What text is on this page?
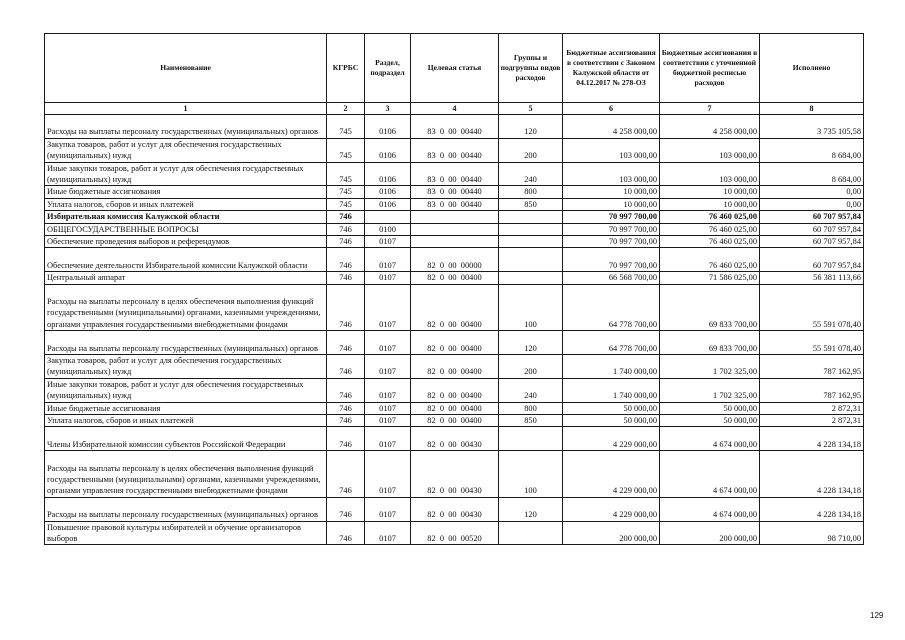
Наименование	КГРБС	Раздел, подраздел	Целевая статья	Группы и подгруппы видов расходов	Бюджетные ассигнования в соответствии с Законом Калужской области от 04.12.2017 № 278-ОЗ	Бюджетные ассигнования в соответствии с уточненной бюджетной росписью расходов	Исполнено
1	2	3	4	5	6	7	8
Расходы на выплаты персоналу государственных (муниципальных) органов	745	0106	83  0  00  00440	120	4 258 000,00	4 258 000,00	3 735 105,58
Закупка товаров, работ и услуг для обеспечения государственных (муниципальных) нужд	745	0106	83  0  00  00440	200	103 000,00	103 000,00	8 684,00
Иные закупки товаров, работ и услуг для обеспечения государственных (муниципальных) нужд	745	0106	83  0  00  00440	240	103 000,00	103 000,00	8 684,00
Иные бюджетные ассигнования	745	0106	83  0  00  00440	800	10 000,00	10 000,00	0,00
Уплата налогов, сборов и иных платежей	745	0106	83  0  00  00440	850	10 000,00	10 000,00	0,00
Избирательная комиссия Калужской области	746				70 997 700,00	76 460 025,00	60 707 957,84
ОБЩЕГОСУДАРСТВЕННЫЕ ВОПРОСЫ	746	0100			70 997 700,00	76 460 025,00	60 707 957,84
Обеспечение проведения выборов и референдумов	746	0107			70 997 700,00	76 460 025,00	60 707 957,84
Обеспечение деятельности Избирательной комиссии Калужской области	746	0107	82  0  00  00000		70 997 700,00	76 460 025,00	60 707 957,84
Центральный аппарат	746	0107	82  0  00  00400		66 568 700,00	71 586 025,00	56 381 113,66
Расходы на выплаты персоналу в целях обеспечения выполнения функций государственными (муниципальными) органами, казенными учреждениями, органами управления государственными внебюджетными фондами	746	0107	82  0  00  00400	100	64 778 700,00	69 833 700,00	55 591 078,40
Расходы на выплаты персоналу государственных (муниципальных) органов	746	0107	82  0  00  00400	120	64 778 700,00	69 833 700,00	55 591 078,40
Закупка товаров, работ и услуг для обеспечения государственных (муниципальных) нужд	746	0107	82  0  00  00400	200	1 740 000,00	1 702 325,00	787 162,95
Иные закупки товаров, работ и услуг для обеспечения государственных (муниципальных) нужд	746	0107	82  0  00  00400	240	1 740 000,00	1 702 325,00	787 162,95
Иные бюджетные ассигнования	746	0107	82  0  00  00400	800	50 000,00	50 000,00	2 872,31
Уплата налогов, сборов и иных платежей	746	0107	82  0  00  00400	850	50 000,00	50 000,00	2 872,31
Члены Избирательной комиссии субъектов Российской Федерации	746	0107	82  0  00  00430		4 229 000,00	4 674 000,00	4 228 134,18
Расходы на выплаты персоналу в целях обеспечения выполнения функций государственными (муниципальными) органами, казенными учреждениями, органами управления государственными внебюджетными фондами	746	0107	82  0  00  00430	100	4 229 000,00	4 674 000,00	4 228 134,18
Расходы на выплаты персоналу государственных (муниципальных) органов	746	0107	82  0  00  00430	120	4 229 000,00	4 674 000,00	4 228 134,18
Повышение правовой культуры избирателей и обучение организаторов выборов	746	0107	82  0  00  00520		200 000,00	200 000,00	98 710,00
129
